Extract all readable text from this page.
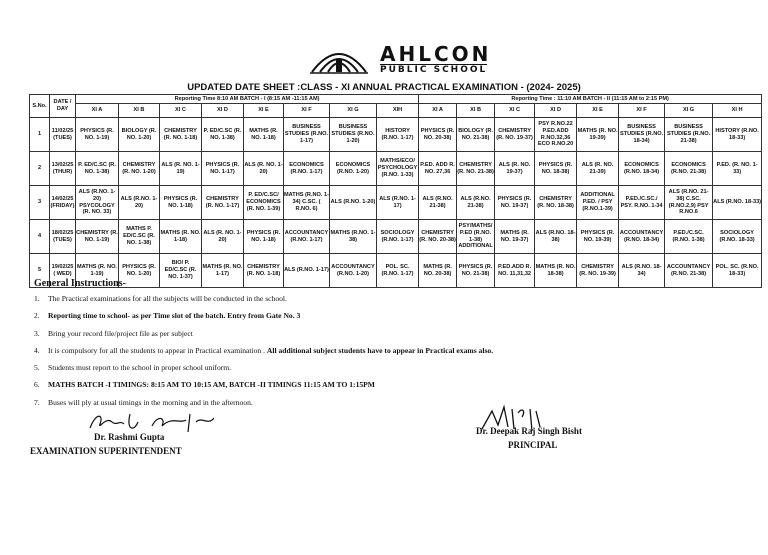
AHLCON
PUBLIC SCHOOL
UPDATED DATE SHEET :CLASS - XI ANNUAL PRACTICAL EXAMINATION - (2024- 2025)
S.No.	DATE / DAY	Reporting Time 8:10 AM BATCH - I (8:15 AM -11:15 AM)								Reporting Time : 11:10 AM BATCH - II (11:15 AM to 2:15 PM)							
		XI A	XI B	XI C	XI D	XI E	XI F	XI G	XIH	XI A	XI B	XI C	XI D	XI E	XI F	XI G	XI H
1	11/02/25 (TUES)	PHYSICS (R. NO. 1-19)	BIOLOGY (R. NO. 1-20)	CHEMISTRY (R. NO. 1-18)	P. ED/C.SC (R. NO. 1-38)	MATHS (R. NO. 1-18)	BUSINESS STUDIES (R.NO. 1-17)	BUSINESS STUDIES (R.NO. 1-20)	HISTORY (R.NO. 1-17)	PHYSICS (R. NO. 20-38)	BIOLOGY (R. NO. 21-38)	CHEMISTRY (R. NO. 19-37)	PSY R.NO.22 P.ED.ADD R.NO.32,36 ECO R.NO.20	MATHS (R. NO. 19-39)	BUSINESS STUDIES (R.NO. 18-34)	BUSINESS STUDIES (R.NO. 21-38)	HISTORY (R.NO. 18-33)
2	13/02/25 (THUR)	P. ED/C.SC (R. NO. 1-38)	CHEMISTRY (R. NO. 1-20)	ALS (R. NO. 1-19)	PHYSICS (R. NO. 1-17)	ALS (R. NO. 1-20)	ECONOMICS (R.NO. 1-17)	ECONOMICS (R.NO. 1-20)	MATHS/ECO/ PSYCHOLOGY (R.NO. 1-33)	P.ED. ADD R. NO. 27,36	CHEMISTRY (R. NO. 21-38)	ALS (R. NO. 19-37)	PHYSICS (R. NO. 18-38)	ALS (R. NO. 21-39)	ECONOMICS (R.NO. 18-34)	ECONOMICS (R.NO. 21-38)	P.ED. (R. NO. 1-33)
3	14/02/25 (FRIDAY)	ALS (R.NO. 1-20) PSYCOLOGY (R. NO. 33)	ALS (R.NO. 1-20)	PHYSICS (R. NO. 1-18)	CHEMISTRY (R. NO. 1-17)	P. ED/C.SC/ ECONOMICS (R. NO. 1-39)	MATHS (R.NO. 1-34) C.SC. ( R.NO. 6)	ALS (R.NO. 1-20)	ALS (R.NO. 1-17)	ALS (R.NO. 21-38)	ALS (R.NO. 21-38)	PHYSICS (R. NO. 19-37)	CHEMISTRY (R. NO. 18-38)	ADDITIONAL P.ED. / PSY (R.NO.1-39)	P.ED./C.SC./ PSY. R.NO. 1-34	ALS (R.NO. 21-38) C.SC.(R.NO.2,9) PSY R.NO.6	ALS (R.NO. 18-33)
4	18/02/25 (TUES)	CHEMISTRY (R. NO. 1-19)	MATHS P. ED/C.SC (R. NO. 1-38)	MATHS (R. NO. 1-18)	ALS (R. NO. 1- 20)	PHYSICS (R. NO. 1-18)	ACCOUNTANCY (R.NO. 1-17)	MATHS (R.NO. 1-38)	SOCIOLOGY (R.NO. 1-17)	CHEMISTRY (R. NO. 20-38)	PSY/MATHS/ P.ED (R.NO. 1-38) ADDITIONAL	MATHS (R. NO. 19-37)	ALS (R.NO. 18-38)	PHYSICS (R. NO. 19-39)	ACCOUNTANCY (R.NO. 18-34)	P.ED./C.SC. (R.NO. 1-38)	SOCIOLOGY (R.NO. 18-33)
5	19/02/25 ( WED)	MATHS (R. NO. 1-19)	PHYSICS (R. NO. 1-20)	BIO/ P. ED/C.SC (R. NO. 1-37)	MATHS (R. NO. 1-17)	CHEMISTRY (R. NO. 1-18)	ALS (R.NO. 1-17)	ACCOUNTANCY (R.NO. 1-20)	POL. SC. (R.NO. 1-17)	MATHS (R. NO. 20-38)	PHYSICS (R. NO. 21-38)	P.ED.ADD R. NO. 11,31,32	MATHS (R. NO. 18-38)	CHEMISTRY (R. NO. 19-39)	ALS (R.NO. 18-34)	ACCOUNTANCY (R.NO. 21-38)	POL. SC. (R.NO. 18-33)
General Instructions-
1. The Practical examinations for all the subjects will be conducted in the school.
2. Reporting time to school- as per Time slot of the batch. Entry from Gate No. 3
3. Bring your record file/project file as per subject
4. It is compulsory for all the students to appear in Practical examination . All additional subject students have to appear in Practical exams also.
5. Students must report to the school in proper school uniform.
6. MATHS BATCH -I TIMINGS: 8:15 AM TO 10:15 AM, BATCH -II TIMINGS 11:15 AM TO 1:15PM
7. Buses will ply at usual timings in the morning and in the afternoon.
Dr. Rashmi Gupta
EXAMINATION SUPERINTENDENT
Dr. Deepak Raj Singh Bisht
PRINCIPAL
